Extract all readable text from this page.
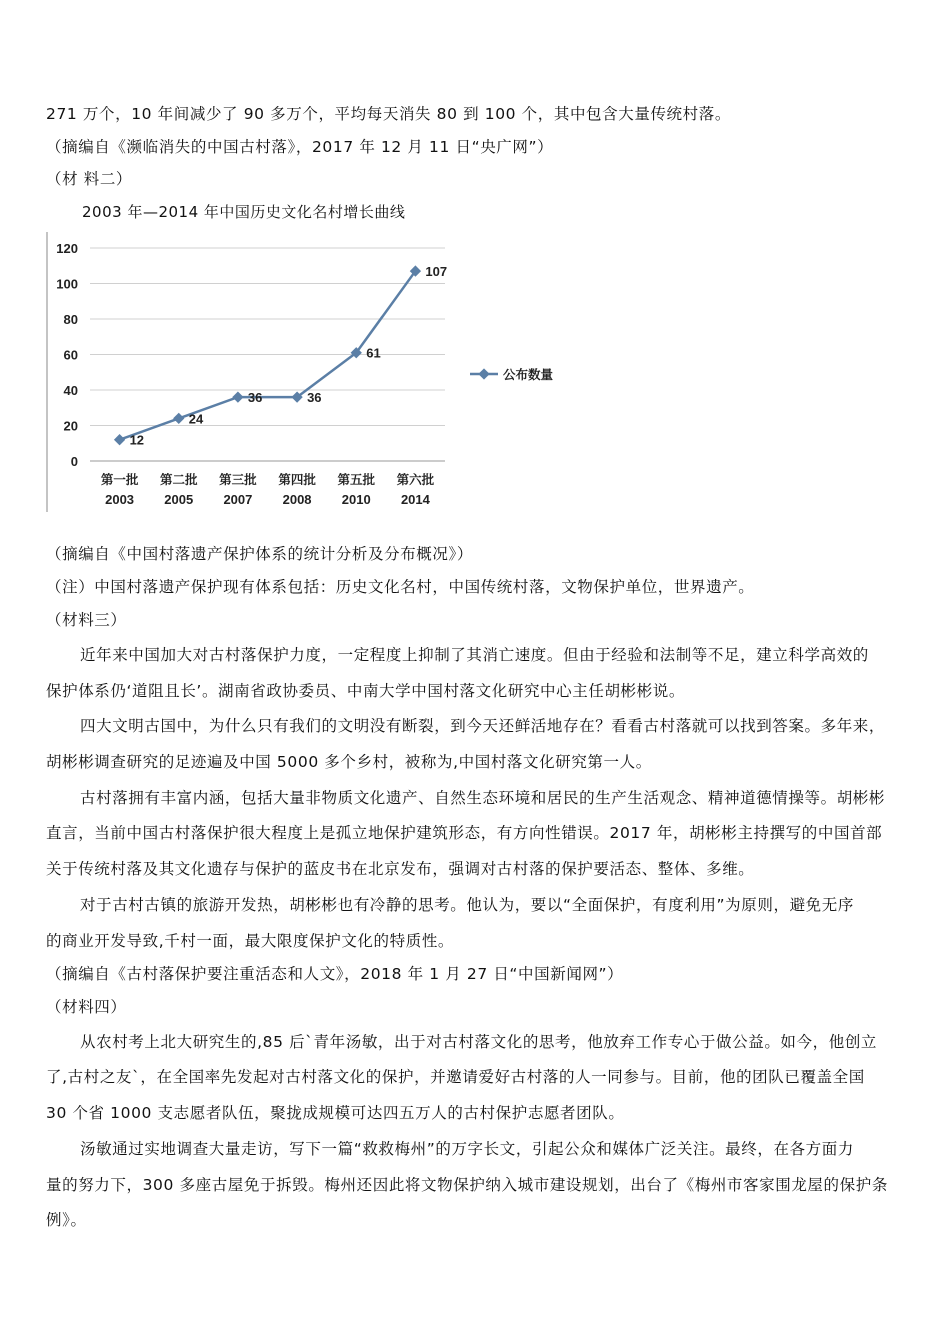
271 万个，10 年间减少了 90 多万个，平均每天消失 80 到 100 个，其中包含大量传统村落。
（摘编自《濒临消失的中国古村落》，2017 年 12 月 11 日“央广网”）
（材 料二）
2003 年—2014 年中国历史文化名村增长曲线
0
20
40
60
80
100
120
第一批
2003
第二批
2005
第三批
2007
第四批
2008
第五批
2010
第六批
2014
12
24
36	36
61
107
公布数量
（摘编自《中国村落遗产保护体系的统计分析及分布概况》）
（注）中国村落遗产保护现有体系包括：历史文化名村，中国传统村落，文物保护单位，世界遗产。
（材料三）
近年来中国加大对古村落保护力度，一定程度上抑制了其消亡速度。但由于经验和法制等不足，建立科学高效的
保护体系仍‘道阻且长’。湖南省政协委员、中南大学中国村落文化研究中心主任胡彬彬说。
四大文明古国中，为什么只有我们的文明没有断裂，到今天还鲜活地存在？看看古村落就可以找到答案。多年来，
胡彬彬调查研究的足迹遍及中国 5000 多个乡村，被称为,中国村落文化研究第一人。
古村落拥有丰富内涵，包括大量非物质文化遗产、自然生态环境和居民的生产生活观念、精神道德情操等。胡彬彬
直言，当前中国古村落保护很大程度上是孤立地保护建筑形态，有方向性错误。2017 年，胡彬彬主持撰写的中国首部
关于传统村落及其文化遗存与保护的蓝皮书在北京发布，强调对古村落的保护要活态、整体、多维。
对于古村古镇的旅游开发热，胡彬彬也有冷静的思考。他认为，要以“全面保护，有度利用”为原则，避免无序
的商业开发导致,千村一面，最大限度保护文化的特质性。
（摘编自《古村落保护要注重活态和人文》，2018 年 1 月 27 日“中国新闻网”）
（材料四）
从农村考上北大研究生的,85 后`青年汤敏，出于对古村落文化的思考，他放弃工作专心于做公益。如今，他创立
了,古村之友`，在全国率先发起对古村落文化的保护，并邀请爱好古村落的人一同参与。目前，他的团队已覆盖全国
30 个省 1000 支志愿者队伍，聚拢成规模可达四五万人的古村保护志愿者团队。
汤敏通过实地调查大量走访，写下一篇“救救梅州”的万字长文，引起公众和媒体广泛关注。最终，在各方面力
量的努力下，300 多座古屋免于拆毁。梅州还因此将文物保护纳入城市建设规划，出台了《梅州市客家围龙屋的保护条
例》。
